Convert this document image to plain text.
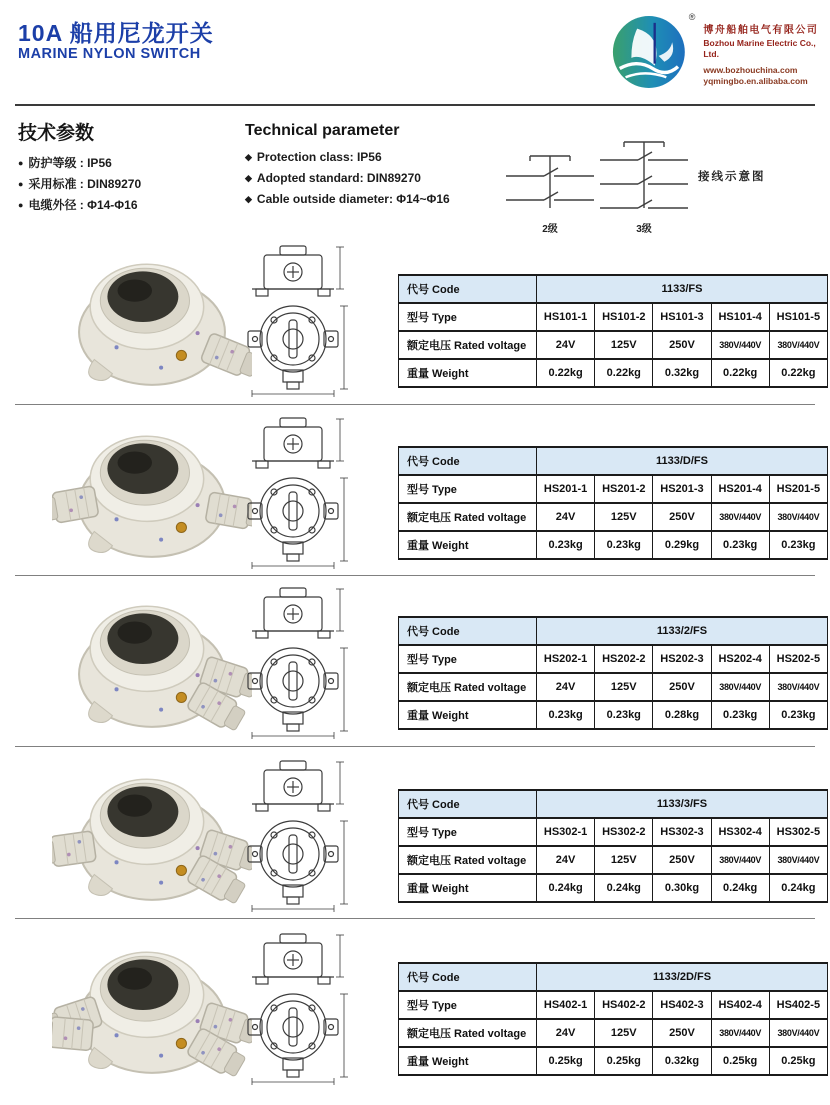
10A 船用尼龙开关
MARINE NYLON SWITCH
®
博舟船舶电气有限公司
Bozhou Marine Electric Co., Ltd.
www.bozhouchina.com
yqmingbo.en.alibaba.com
技术参数
● 防护等级 : IP56
● 采用标准 : DIN89270
● 电缆外径 : Φ14-Φ16
Technical parameter
◆ Protection class: IP56
◆ Adopted standard: DIN89270
◆ Cable outside diameter: Φ14~Φ16
2级	3级
接线示意图
代号 Code	1133/FS				
型号 Type	HS101-1	HS101-2	HS101-3	HS101-4	HS101-5
额定电压 Rated voltage	24V	125V	250V	380V/440V	380V/440V
重量 Weight	0.22kg	0.22kg	0.32kg	0.22kg	0.22kg
代号 Code	1133/D/FS				
型号 Type	HS201-1	HS201-2	HS201-3	HS201-4	HS201-5
额定电压 Rated voltage	24V	125V	250V	380V/440V	380V/440V
重量 Weight	0.23kg	0.23kg	0.29kg	0.23kg	0.23kg
代号 Code	1133/2/FS				
型号 Type	HS202-1	HS202-2	HS202-3	HS202-4	HS202-5
额定电压 Rated voltage	24V	125V	250V	380V/440V	380V/440V
重量 Weight	0.23kg	0.23kg	0.28kg	0.23kg	0.23kg
代号 Code	1133/3/FS				
型号 Type	HS302-1	HS302-2	HS302-3	HS302-4	HS302-5
额定电压 Rated voltage	24V	125V	250V	380V/440V	380V/440V
重量 Weight	0.24kg	0.24kg	0.30kg	0.24kg	0.24kg
代号 Code	1133/2D/FS				
型号 Type	HS402-1	HS402-2	HS402-3	HS402-4	HS402-5
额定电压 Rated voltage	24V	125V	250V	380V/440V	380V/440V
重量 Weight	0.25kg	0.25kg	0.32kg	0.25kg	0.25kg
